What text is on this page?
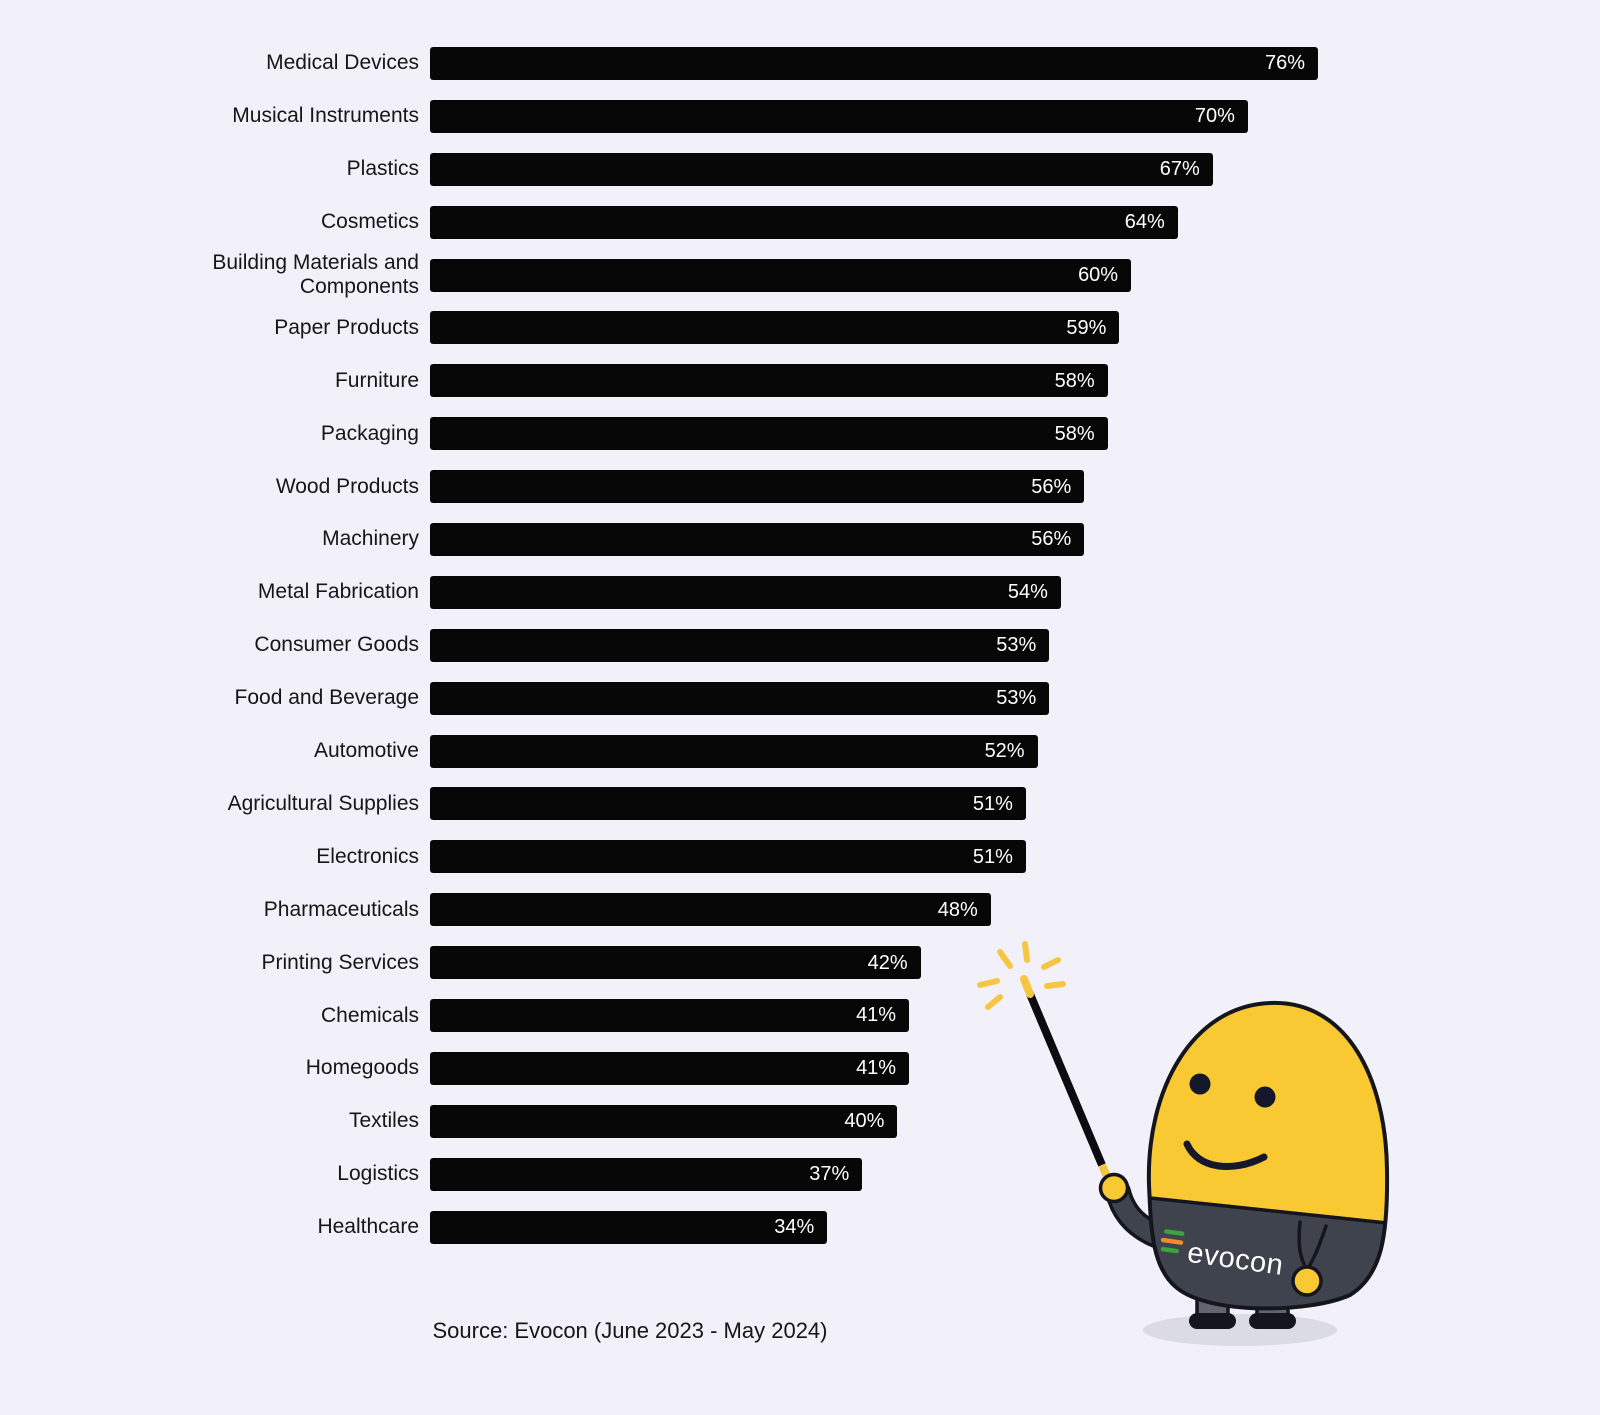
Medical Devices	76%
Musical Instruments	70%
Plastics	67%
Cosmetics	64%
Building Materials and Components	60%
Paper Products	59%
Furniture	58%
Packaging	58%
Wood Products	56%
Machinery	56%
Metal Fabrication	54%
Consumer Goods	53%
Food and Beverage	53%
Automotive	52%
Agricultural Supplies	51%
Electronics	51%
Pharmaceuticals	48%
Printing Services	42%
Chemicals	41%
Homegoods	41%
Textiles	40%
Logistics	37%
Healthcare	34%
Source: Evocon (June 2023 - May 2024)
evocon
